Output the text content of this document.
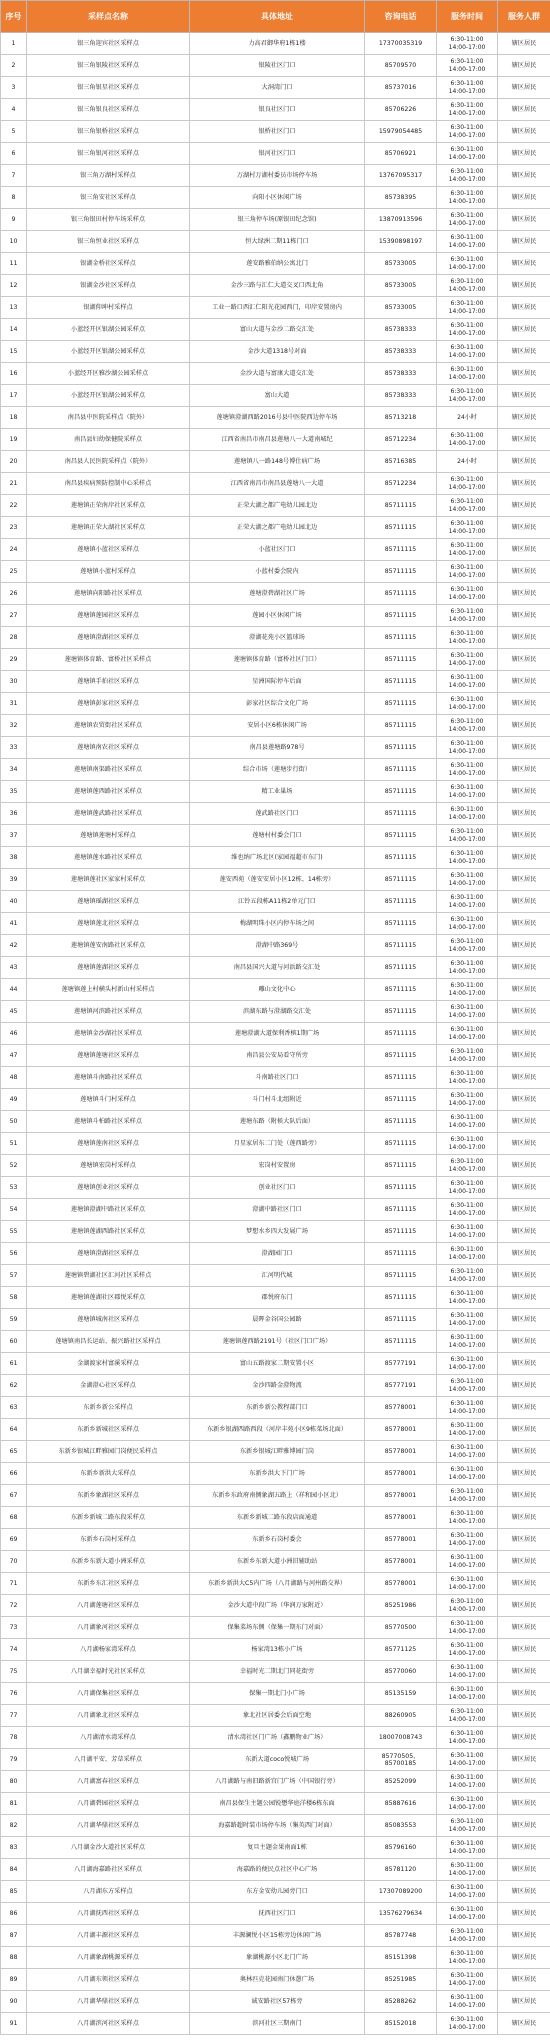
序号	采样点名称	具体地址	咨询电话	服务时间	服务人群
1	银三角迎宾社区采样点	力高君御华府1栋1楼	17370035319	6:30-11:00
14:00-17:00	辖区居民
2	银三角银陵社区采样点	银陵社区门口	85709570	6:30-11:00
14:00-17:00	辖区居民
3	银三角银星社区采样点	大洞湾门口	85737016	6:30-11:00
14:00-17:00	辖区居民
4	银三角银良社区采样点	银良社区门口	85706226	6:30-11:00
14:00-17:00	辖区居民
5	银三角银桥社区采样点	银桥社区门口	15979054485	6:30-11:00
14:00-17:00	辖区居民
6	银三角银河社区采样点	银河社区门口	85706921	6:30-11:00
14:00-17:00	辖区居民
7	银三角万湖村采样点	万湖村万湖村委员市场停车场	13767095317	6:30-11:00
14:00-17:00	辖区居民
8	银三角安社区采样点	向阳小区休闲广场	85738395	6:30-11:00
14:00-17:00	辖区居民
9	银三角银田村停车场采样点	银三角停车场(原银田纪念馆)	13870913596	6:30-11:00
14:00-17:00	辖区居民
10	银三角恒业社区采样点	恒大绿洲二期11栋门口	15390898197	6:30-11:00
14:00-17:00	辖区居民
11	银湖金桥社区采样点	莲安路雅伯纳公寓北门	85733005	6:30-11:00
14:00-17:00	辖区居民
12	银湖金沙社区采样点	金沙三路与汇仁大道交叉口西北角	85733005	6:30-11:00
14:00-17:00	辖区居民
13	银湖仰坤村采样点	工业一路口西汇仁阳光花园西门，印岸安置房内	85733005	6:30-11:00
14:00-17:00	辖区居民
14	小蓝经开区银湖公园采样点	富山大道与金沙二路交汇处	85738333	6:30-11:00
14:00-17:00	辖区居民
15	小蓝经开区银湖公园采样点	金沙大道1318号对面	85738333	6:30-11:00
14:00-17:00	辖区居民
16	小蓝经开区雅沙湖公园采样点	金沙大道与富康大道交汇处	85738333	6:30-11:00
14:00-17:00	辖区居民
17	小蓝经开区银湖公园采样点	富山大道	85738333	6:30-11:00
14:00-17:00	辖区居民
18	南昌县中医院采样点（院外）	莲塘镇澄湖西路2016号县中医院西边停车场	85713218	24小时	辖区居民
19	南昌县妇幼保健院采样点	江西省南昌市南昌县莲塘八一大道南城纪	85712234	6:30-11:00
14:00-17:00	辖区居民
20	南昌县人民医院采样点（院外）	莲塘镇八一路148号博仕病广场	85716385	24小时	辖区居民
21	南昌县疾病预防控制中心采样点	江西省南昌市南昌县莲塘八一大道	85712234	6:30-11:00
14:00-17:00	辖区居民
22	莲塘镇正荣南岸社区采样点	正荣大湖之都广电幼儿园北边	85711115	6:30-11:00
14:00-17:00	辖区居民
23	莲塘镇正荣大湖社区采样点	正荣大湖之都广电幼儿园北边	85711115	6:30-11:00
14:00-17:00	辖区居民
24	莲塘镇小蓝社区采样点	小蓝社区门口	85711115	6:30-11:00
14:00-17:00	辖区居民
25	莲塘镇小蓝村采样点	小蓝村委会院内	85711115	6:30-11:00
14:00-17:00	辖区居民
26	莲塘镇向阳路社区采样点	莲塘澄碧湖社区广场	85711115	6:30-11:00
14:00-17:00	辖区居民
27	莲塘镇莲园社区采样点	莲园小区休闲广场	85711115	6:30-11:00
14:00-17:00	辖区居民
28	莲塘镇澄湖社区采样点	澄湖花苑小区篮球场	85711115	6:30-11:00
14:00-17:00	辖区居民
29	莲塘镇体育路、富桥社区采样点	莲塘镇体育路（富桥社区门口）	85711115	6:30-11:00
14:00-17:00	辖区居民
30	莲塘镇手拍社区采样点	星洲国际停车后面	85711115	6:30-11:00
14:00-17:00	辖区居民
31	莲塘镇彭家社区采样点	彭家社区综合文化广场	85711115	6:30-11:00
14:00-17:00	辖区居民
32	莲塘镇农贸街社区采样点	安居小区6栋休闲广场	85711115	6:30-11:00
14:00-17:00	辖区居民
33	莲塘镇南农社区采样点	南昌县莲塘路978号	85711115	6:30-11:00
14:00-17:00	辖区居民
34	莲塘镇南渠路社区采样点	综合市场（莲塘步行街）	85711115	6:30-11:00
14:00-17:00	辖区居民
35	莲塘镇莲西路社区采样点	精工业巢场	85711115	6:30-11:00
14:00-17:00	辖区居民
36	莲塘镇莲武路社区采样点	莲武路社区门口	85711115	6:30-11:00
14:00-17:00	辖区居民
37	莲塘镇莲塘村采样点	莲塘村村委会门口	85711115	6:30-11:00
14:00-17:00	辖区居民
38	莲塘镇莲水路社区采样点	维也纳广场北区(家园福超市东门)	85711115	6:30-11:00
14:00-17:00	辖区居民
39	莲塘镇莲社区家家村采样点	莲安西苑（莲安安居小区12栋、14栋旁）	85711115	6:30-11:00
14:00-17:00	辖区居民
40	莲塘镇瑶湖社区采样点	江铃五段栋A11栋2单元门口	85711115	6:30-11:00
14:00-17:00	辖区居民
41	莲塘镇莲北社区采样点	梅湖明珠小区内停车场之间	85711115	6:30-11:00
14:00-17:00	辖区居民
42	莲塘镇莲安南路社区采样点	澄湖中路369号	85711115	6:30-11:00
14:00-17:00	辖区居民
43	莲塘镇莲湖社区采样点	南昌县国兴大道与河浜路交汇处	85711115	6:30-11:00
14:00-17:00	辖区居民
44	莲塘镇莲上村横头村新山村采样点	雕山文化中心	85711115	6:30-11:00
14:00-17:00	辖区居民
45	莲塘镇河滨路社区采样点	滨湖东路与澄湖路交汇处	85711115	6:30-11:00
14:00-17:00	辖区居民
46	莲塘镇金沙湖社区采样点	莲塘澄湖大道保利香槟1期广场	85711115	6:30-11:00
14:00-17:00	辖区居民
47	莲塘镇莲塘社区采样点	南昌县公安局看守所旁	85711115	6:30-11:00
14:00-17:00	辖区居民
48	莲塘镇斗南路社区采样点	斗南路社区门口	85711115	6:30-11:00
14:00-17:00	辖区居民
49	莲塘镇斗门村采样点	斗门村斗北组附近	85711115	6:30-11:00
14:00-17:00	辖区居民
50	莲塘镇斗柏路社区采样点	莲塘东路（附候大队后面）	85711115	6:30-11:00
14:00-17:00	辖区居民
51	莲塘镇莲南社区采样点	月星家居东二门处（莲西路旁）	85711115	6:30-11:00
14:00-17:00	辖区居民
52	莲塘镇宏岗村采样点	宏岗村安置房	85711115	6:30-11:00
14:00-17:00	辖区居民
53	莲塘镇创业社区采样点	创业社区门口	85711115	6:30-11:00
14:00-17:00	辖区居民
54	莲塘镇澄湖中路社区采样点	澄湖中路社区门口	85711115	6:30-11:00
14:00-17:00	辖区居民
55	莲塘镇莲湖西路社区采样点	梦想水乡四大发展广场	85711115	6:30-11:00
14:00-17:00	辖区居民
56	莲塘镇澄湖社区采样点	澄湖园门口	85711115	6:30-11:00
14:00-17:00	辖区居民
57	莲塘镇碧湖社区汇河社区采样点	汇河明代城	85711115	6:30-11:00
14:00-17:00	辖区居民
58	莲塘镇莲湖社区郡悦采样点	郡悦府东门	85711115	6:30-11:00
14:00-17:00	辖区居民
59	莲塘镇城南社区采样点	晨晖金谷国公园路	85711115	6:30-11:00
14:00-17:00	辖区居民
60	莲塘镇南昌长运站、振兴路社区采样点	莲塘镇莲西路2191号（社区门口广场）	85711115	6:30-11:00
14:00-17:00	辖区居民
61	金湖渡家村富溪采样点	富山五路渡家二期安置小区	85777191	6:30-11:00
14:00-17:00	辖区居民
62	金湖澄心社区采样点	金沙四路金澄物流	85777191	6:30-11:00
14:00-17:00	辖区居民
63	东新乡新公采样点	东新乡新公教程部门口	85778001	6:30-11:00
14:00-17:00	辖区居民
64	东新乡新城社区采样点	东新乡银湖西路西段（河岸丰苑小区9栋菜场北面）	85778001	6:30-11:00
14:00-17:00	辖区居民
65	东新乡银城江畔雅园门岗便民采样点	东新乡银城江畔雅博园门岗	85778001	6:30-11:00
14:00-17:00	辖区居民
66	东新乡新洪大采样点	东新乡洪大下门广场	85778001	6:30-11:00
14:00-17:00	辖区居民
67	东新乡象湖社区采样点	东新乡东政府南侧象湖五路上（祥和园小区北）	85778001	6:30-11:00
14:00-17:00	辖区居民
68	东新乡新城二路东段采样点	东新乡新城二路东段店面通道	85778001	6:30-11:00
14:00-17:00	辖区居民
69	东新乡石岗村采样点	东新乡石岗村委会	85778001	6:30-11:00
14:00-17:00	辖区居民
70	东新乡东新大道小洲采样点	东新乡东新大道小洲旧辅助站	85778001	6:30-11:00
14:00-17:00	辖区居民
71	东新乡东汇社区采样点	东新乡新洪大C5内广场（八月湖路与河州路交界）	85778001	6:30-11:00
14:00-17:00	辖区居民
72	八月湖莲塘社区采样点	金沙大道中段广场（华润万家附近）	85251986	6:30-11:00
14:00-17:00	辖区居民
73	八月湖象河社区采样点	保集菜场东侧（保集一期东门对面）	85770500	6:30-11:00
14:00-17:00	辖区居民
74	八月湖杨家湾采样点	杨家湾13栋小广场	85771125	6:30-11:00
14:00-17:00	辖区居民
75	八月湖幸福时光社区采样点	幸福时光二期北门同花街旁	85770060	6:30-11:00
14:00-17:00	辖区居民
76	八月湖保集社区采样点	保集一期北门小广场	85135159	6:30-11:00
14:00-17:00	辖区居民
77	八月湖象北社区采样点	象北社区居委会后面空地	88260905	6:30-11:00
14:00-17:00	辖区居民
78	八月湖清水湾采样点	清水湾社区门广场（鑫鹏物业广场）	18007008743	6:30-11:00
14:00-17:00	辖区居民
79	八月湖平安、芳草采样点	东新大道coco悦城广场	85770505、85700185	6:30-11:00
14:00-17:00	辖区居民
80	八月湖富春社区采样点	八月湖路与南旧路新宫门广场（中国银行旁）	85252099	6:30-11:00
14:00-17:00	辖区居民
81	八月湖碧园社区采样点	南昌县保生主题公园锐懋华庭洋楼6栋东面	85887616	6:30-11:00
14:00-17:00	辖区居民
82	八月湖华鼎社区采样点	海嘉路超时装市场停车场（集英西门对面）	85083553	6:30-11:00
14:00-17:00	辖区居民
83	八月湖金沙大道社区采样点	复旦主题金果南面1栋	85796160	6:30-11:00
14:00-17:00	辖区居民
84	八月湖海嘉路社区采样点	海嘉路的便民点社区中心广场	85781120	6:30-11:00
14:00-17:00	辖区居民
85	八月湖东方采样点	东方金安幼儿园旁门口	17307089200	6:30-11:00
14:00-17:00	辖区居民
86	八月湖抚西社区采样点	抚西社区门口	13576279634	6:30-11:00
14:00-17:00	辖区居民
87	八月湖丰源社区采样点	丰源澜悦小区15栋旁边休闲广场	85787748	6:30-11:00
14:00-17:00	辖区居民
88	八月湖象湖桃源采样点	象湖桃源小区北门广场	85151398	6:30-11:00
14:00-17:00	辖区居民
89	八月湖东领社区采样点	奥林匹克花园南门休憩广场	85251985	6:30-11:00
14:00-17:00	辖区居民
90	八月湖华鼎社区采样点	诚安路社区57栋旁	85288262	6:30-11:00
14:00-17:00	辖区居民
91	八月湖滨河社区采样点	滨河社区三期南门	85152018	6:30-11:00
14:00-17:00	辖区居民
